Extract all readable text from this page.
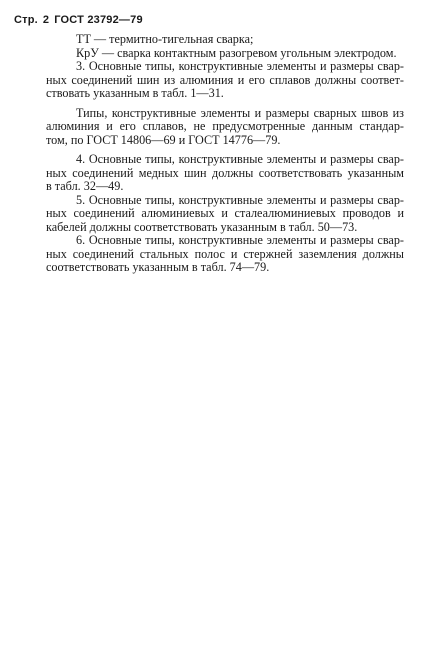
Стр. 2 ГОСТ 23792—79

ТТ — термитно-тигельная сварка;

КрУ — сварка контактным разогревом угольным электродом.

3. Основные типы, конструктивные элементы и размеры свар-
ных соединений шин из алюминия и его сплавов должны соответ-
ствовать указанным в табл. 1—31.

Типы, конструктивные элементы и размеры сварных швов из
алюминия и его сплавов, не предусмотренные данным стандар-
том, по ГОСТ 14806—69 и ГОСТ 14776—79.

4. Основные типы, конструктивные элементы и размеры свар-
ных соединений медных шин должны соответствовать указанным
в табл. 32—49.

5. Основные типы, конструктивные элементы и размеры свар-
ных соединений алюминиевых и сталеалюминиевых проводов и
кабелей должны соответствовать указанным в табл. 50—73.

6. Основные типы, конструктивные элементы и размеры свар-
ных соединений стальных полос и стержней заземления должны
соответствовать указанным в табл. 74—79.
